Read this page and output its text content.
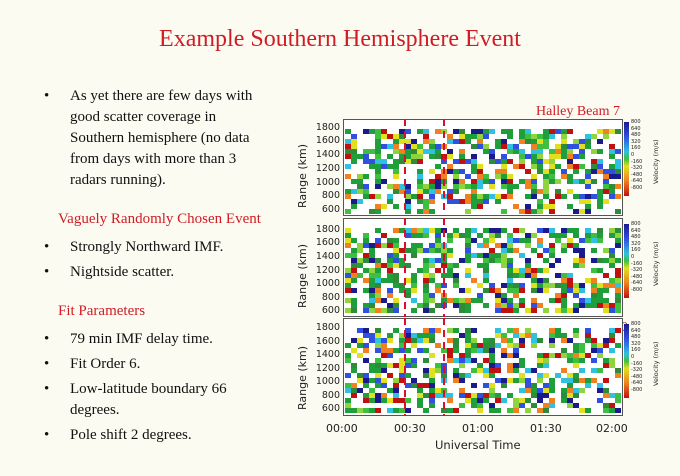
Example Southern Hemisphere Event
• As yet there are few days with good scatter coverage in Southern hemisphere (no data from days with more than 3 radars running).
Vaguely Randomly Chosen Event
• Strongly Northward IMF.
• Nightside scatter.
Fit Parameters
• 79 min IMF delay time.
• Fit Order 6.
• Low-latitude boundary 66 degrees.
• Pole shift 2 degrees.
Range (km)
Halley Beam 7
1800
1600
1400
1200
1000
800
600
800
640
480
320
160
0
-160
-320
-480
-640
-800
Velocity (m/s)
Range (km)
1800
1600
1400
1200
1000
800
600
800
640
480
320
160
0
-160
-320
-480
-640
-800
Velocity (m/s)
Range (km)
1800
1600
1400
1200
1000
800
600
800
640
480
320
160
0
-160
-320
-480
-640
-800
Velocity (m/s)
00:00	00:30	01:00	01:30	02:00
Universal Time
